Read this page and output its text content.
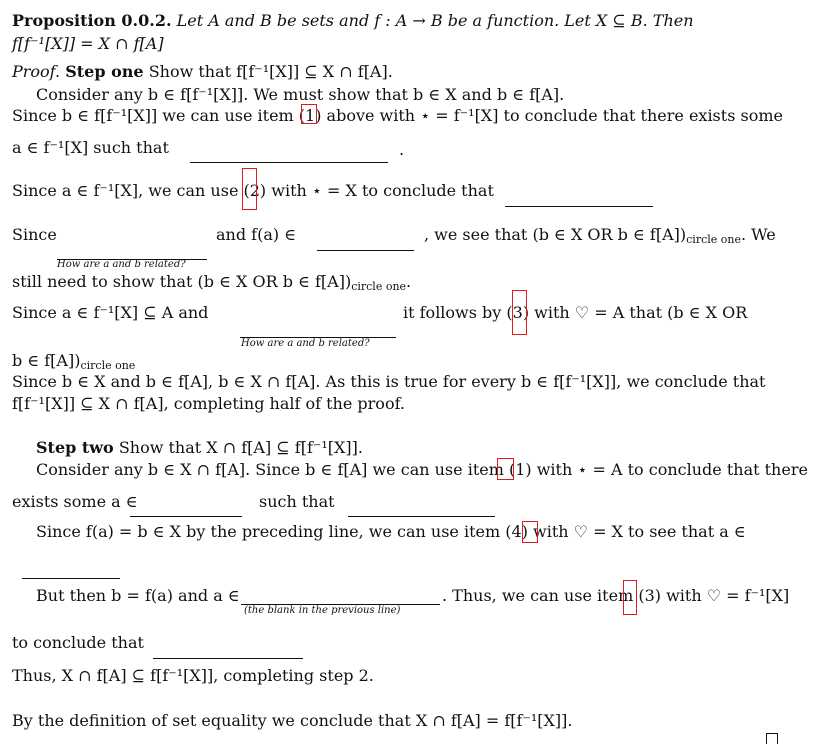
Proposition 0.0.2. Let A and B be sets and f : A → B be a function. Let X ⊆ B. Then
f[f⁻¹[X]] = X ∩ f[A]
Proof. Step one Show that f[f⁻¹[X]] ⊆ X ∩ f[A].
Consider any b ∈ f[f⁻¹[X]]. We must show that b ∈ X and b ∈ f[A].
Since b ∈ f[f⁻¹[X]] we can use item (1) above with ⋆ = f⁻¹[X] to conclude that there exists some
a ∈ f⁻¹[X] such that	.
Since a ∈ f⁻¹[X], we can use (2) with ⋆ = X to conclude that
Since	and f(a) ∈	, we see that (b ∈ X OR b ∈ f[A])circle one. We
How are a and b related?
still need to show that (b ∈ X OR b ∈ f[A])circle one.
Since a ∈ f⁻¹[X] ⊆ A and	it follows by (3) with ♡ = A that (b ∈ X OR
How are a and b related?
b ∈ f[A])circle one
Since b ∈ X and b ∈ f[A], b ∈ X ∩ f[A]. As this is true for every b ∈ f[f⁻¹[X]], we conclude that
f[f⁻¹[X]] ⊆ X ∩ f[A], completing half of the proof.
Step two Show that X ∩ f[A] ⊆ f[f⁻¹[X]].
Consider any b ∈ X ∩ f[A]. Since b ∈ f[A] we can use item (1) with ⋆ = A to conclude that there
exists some a ∈	such that
Since f(a) = b ∈ X by the preceding line, we can use item (4) with ♡ = X to see that a ∈
But then b = f(a) and a ∈
(the blank in the previous line)
. Thus, we can use item (3) with ♡ = f⁻¹[X]
to conclude that
Thus, X ∩ f[A] ⊆ f[f⁻¹[X]], completing step 2.
By the definition of set equality we conclude that X ∩ f[A] = f[f⁻¹[X]].
